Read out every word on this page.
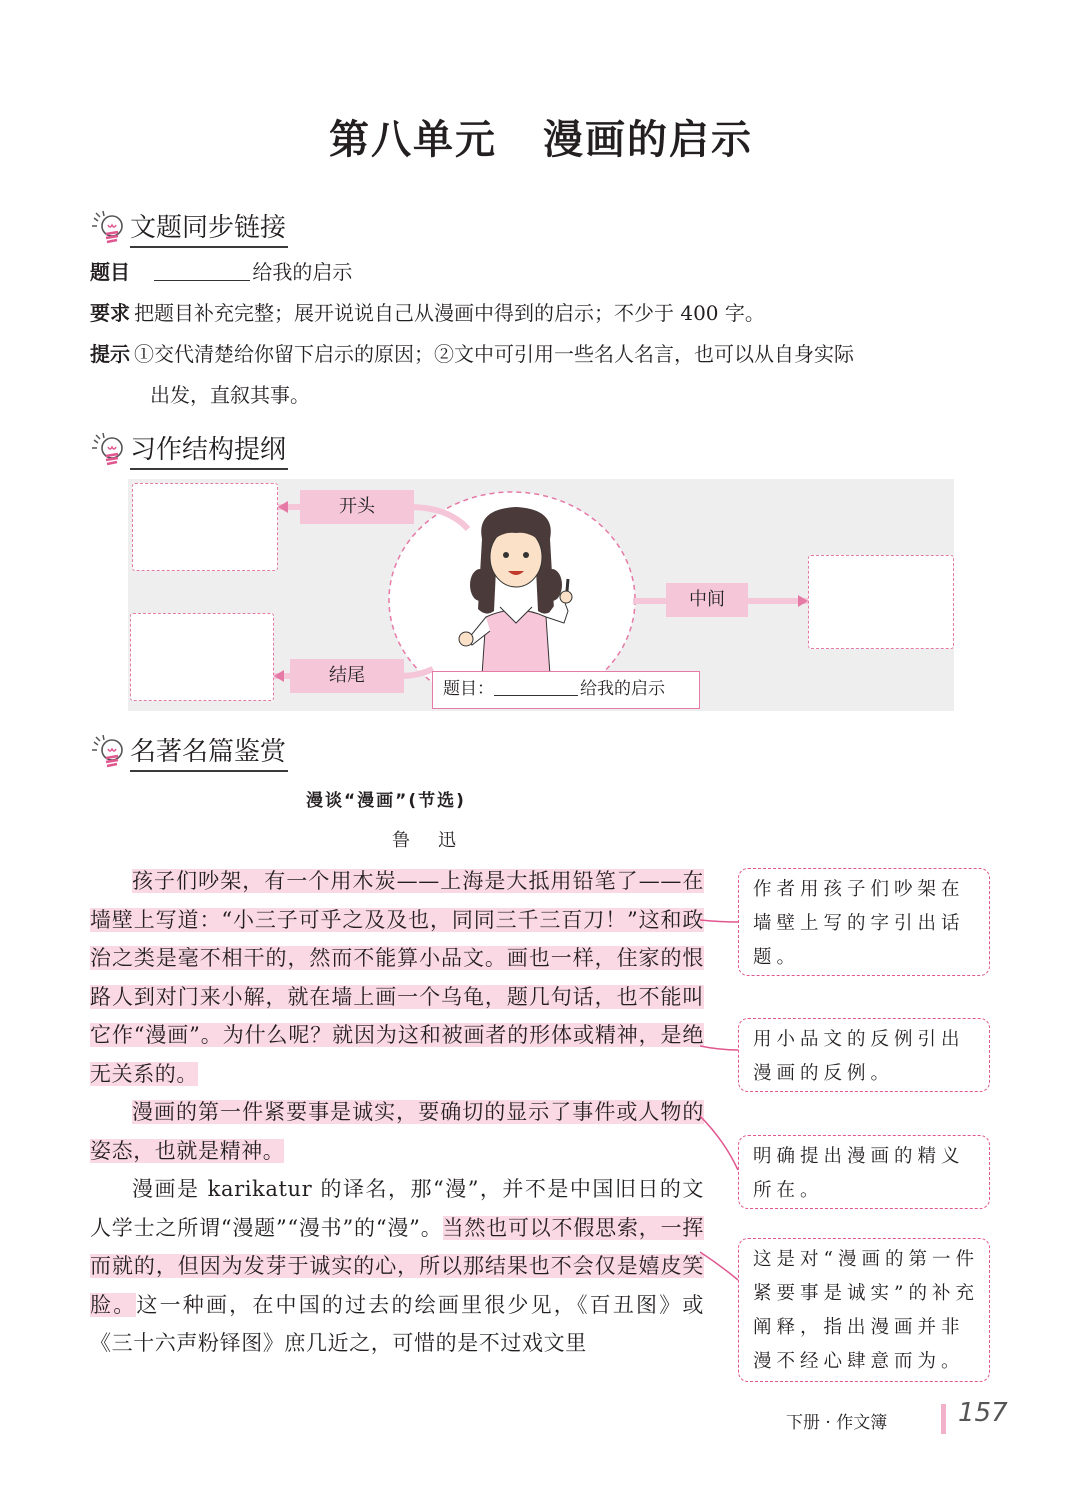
第八单元 漫画的启示
文题同步链接
题目	给我的启示
要求 把题目补充完整；展开说说自己从漫画中得到的启示；不少于 400 字。
提示 ①交代清楚给你留下启示的原因；②文中可引用一些名人名言，也可以从自身实际
出发，直叙其事。
习作结构提纲
开头
中间
结尾
题目：	给我的启示
名著名篇鉴赏
漫谈“漫画”(节选)
鲁迅

孩子们吵架，有一个用木炭——上海是大抵用铅笔了——在墙壁上写道：“小三子可乎之及及也，同同三千三百刀！”这和政治之类是毫不相干的，然而不能算小品文。画也一样，住家的恨路人到对门来小解，就在墙上画一个乌龟，题几句话，也不能叫它作“漫画”。为什么呢？就因为这和被画者的形体或精神，是绝无关系的。

漫画的第一件紧要事是诚实，要确切的显示了事件或人物的姿态，也就是精神。

漫画是 karikatur 的译名，那“漫”，并不是中国旧日的文人学士之所谓“漫题”“漫书”的“漫”。当然也可以不假思索，一挥而就的，但因为发芽于诚实的心，所以那结果也不会仅是嬉皮笑脸。这一种画，在中国的过去的绘画里很少见，《百丑图》或《三十六声粉铎图》庶几近之，可惜的是不过戏文里

作者用孩子们吵架在墙壁上写的字引出话题。
用小品文的反例引出漫画的反例。
明确提出漫画的精义所在。
这是对“漫画的第一件紧要事是诚实”的补充阐释，指出漫画并非漫不经心肆意而为。
下册 · 作文簿	157
